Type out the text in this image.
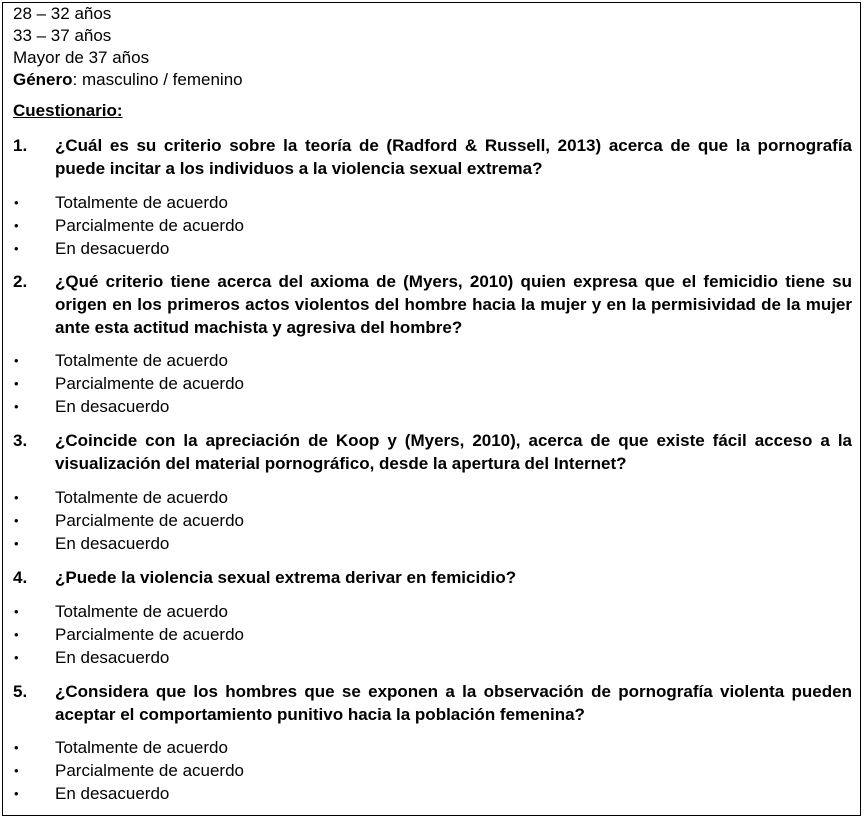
28 – 32 años
33 – 37 años
Mayor de 37 años
Género: masculino / femenino
Cuestionario:
1. ¿Cuál es su criterio sobre la teoría de (Radford & Russell, 2013) acerca de que la pornografía puede incitar a los individuos a la violencia sexual extrema?
• Totalmente de acuerdo
• Parcialmente de acuerdo
• En desacuerdo
2. ¿Qué criterio tiene acerca del axioma de (Myers, 2010) quien expresa que el femicidio tiene su origen en los primeros actos violentos del hombre hacia la mujer y en la permisividad de la mujer ante esta actitud machista y agresiva del hombre?
• Totalmente de acuerdo
• Parcialmente de acuerdo
• En desacuerdo
3. ¿Coincide con la apreciación de Koop y (Myers, 2010), acerca de que existe fácil acceso a la visualización del material pornográfico, desde la apertura del Internet?
• Totalmente de acuerdo
• Parcialmente de acuerdo
• En desacuerdo
4. ¿Puede la violencia sexual extrema derivar en femicidio?
• Totalmente de acuerdo
• Parcialmente de acuerdo
• En desacuerdo
5. ¿Considera que los hombres que se exponen a la observación de pornografía violenta pueden aceptar el comportamiento punitivo hacia la población femenina?
• Totalmente de acuerdo
• Parcialmente de acuerdo
• En desacuerdo
